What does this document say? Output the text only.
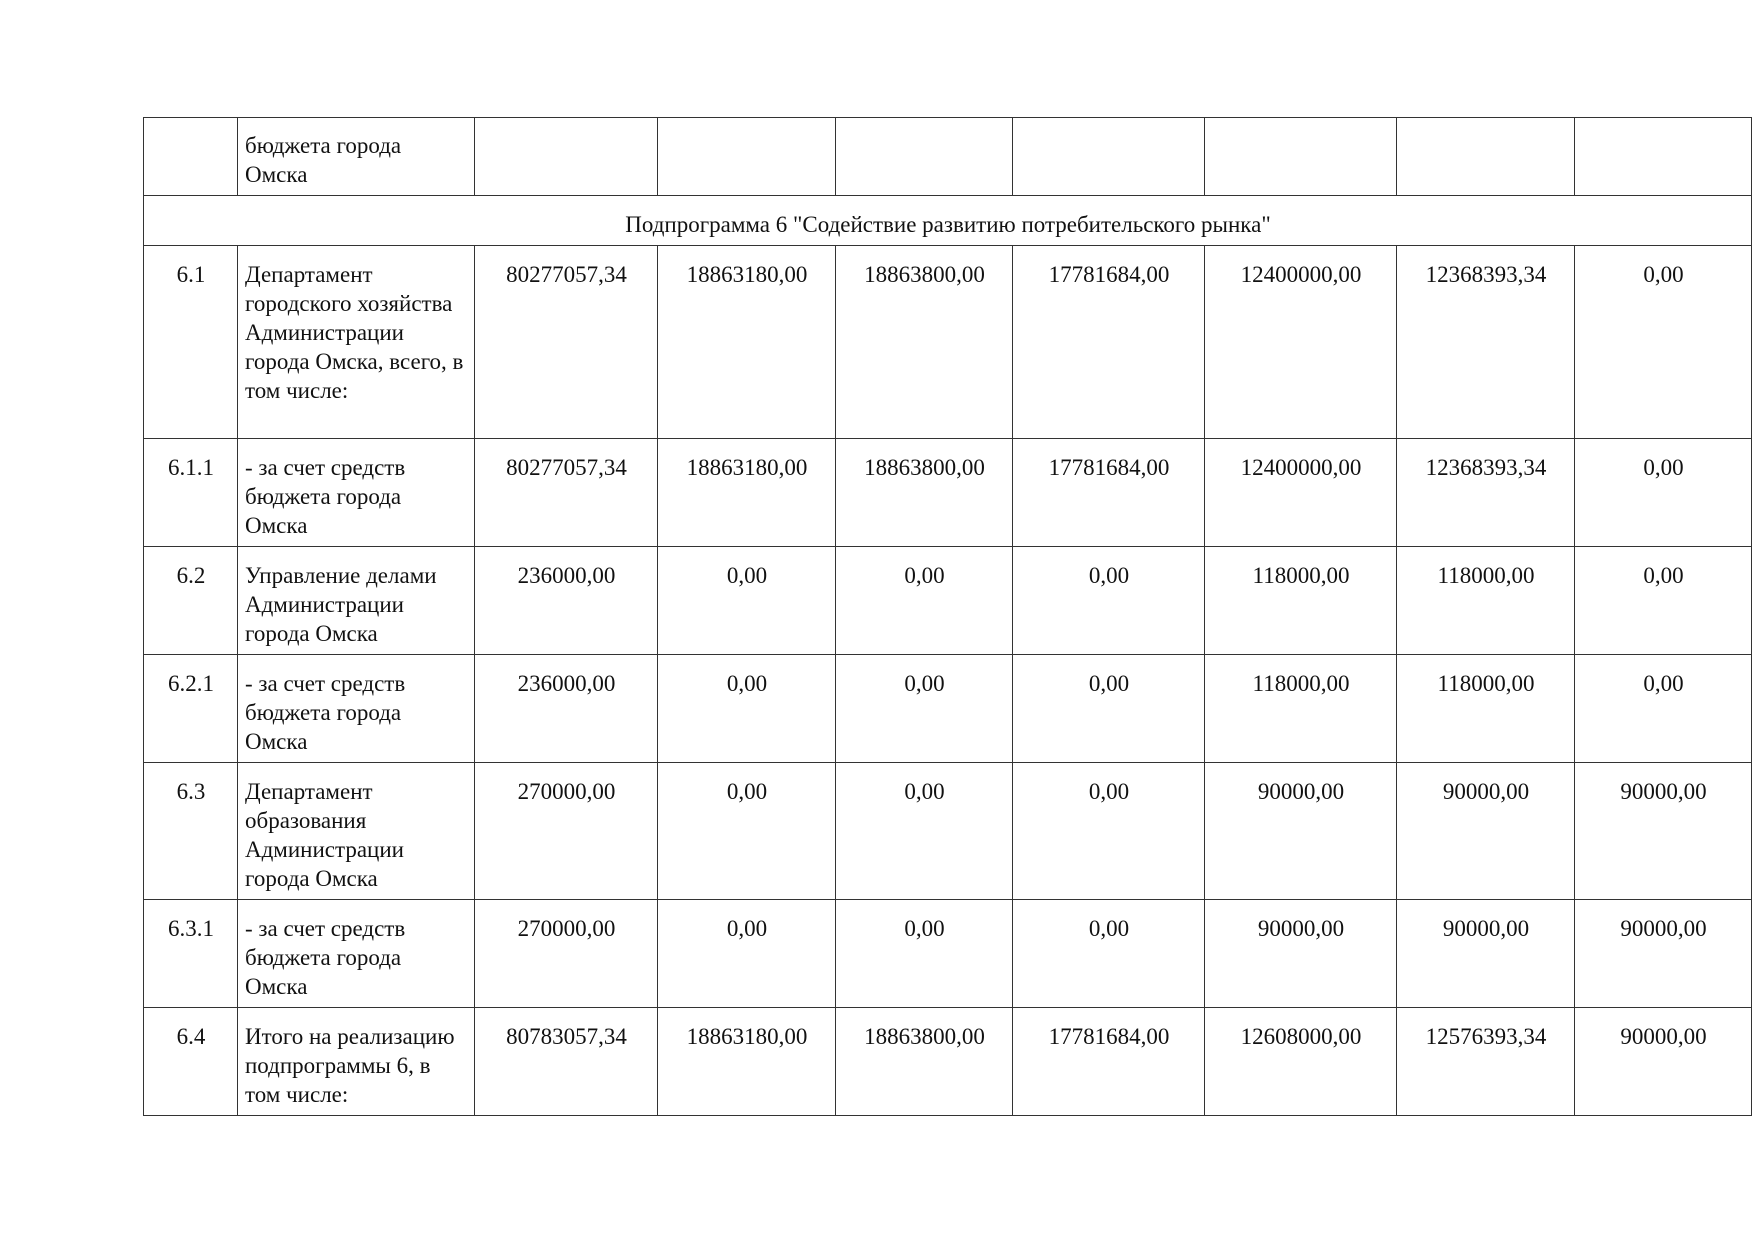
	бюджета города Омска							
Подпрограмма 6 "Содействие развитию потребительского рынка"								
6.1	Департамент городского хозяйства Администрации города Омска, всего, в том числе:	80277057,34	18863180,00	18863800,00	17781684,00	12400000,00	12368393,34	0,00
6.1.1	- за счет средств бюджета города Омска	80277057,34	18863180,00	18863800,00	17781684,00	12400000,00	12368393,34	0,00
6.2	Управление делами Администрации города Омска	236000,00	0,00	0,00	0,00	118000,00	118000,00	0,00
6.2.1	- за счет средств бюджета города Омска	236000,00	0,00	0,00	0,00	118000,00	118000,00	0,00
6.3	Департамент образования Администрации города Омска	270000,00	0,00	0,00	0,00	90000,00	90000,00	90000,00
6.3.1	- за счет средств бюджета города Омска	270000,00	0,00	0,00	0,00	90000,00	90000,00	90000,00
6.4	Итого на реализацию подпрограммы 6, в том числе:	80783057,34	18863180,00	18863800,00	17781684,00	12608000,00	12576393,34	90000,00
